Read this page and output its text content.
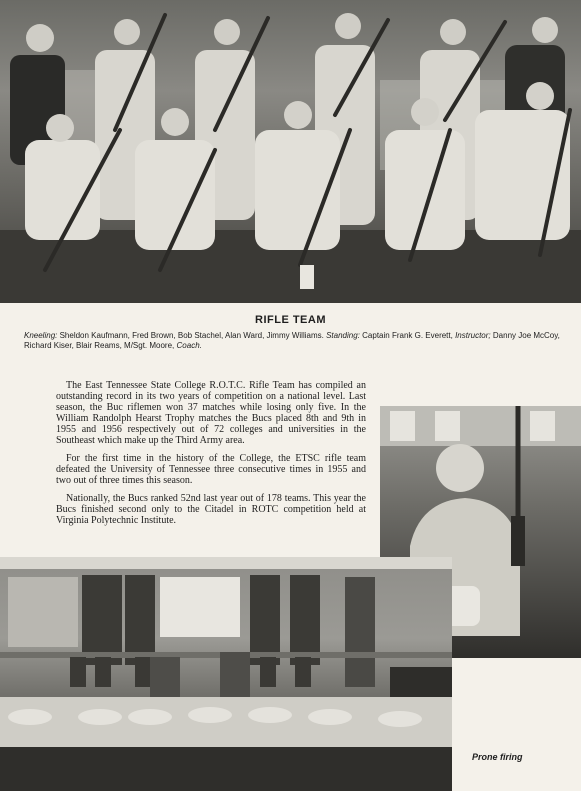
RIFLE TEAM
Kneeling: Sheldon Kaufmann, Fred Brown, Bob Stachel, Alan Ward, Jimmy Williams. Standing: Captain Frank G. Everett, Instructor; Danny Joe McCoy, Richard Kiser, Blair Reams, M/Sgt. Moore, Coach.

The East Tennessee State College R.O.T.C. Rifle Team has compiled an outstanding record in its two years of competition on a national level. Last season, the Buc riflemen won 37 matches while losing only five. In the William Randolph Hearst Trophy matches the Bucs placed 8th and 9th in 1955 and 1956 respectively out of 72 colleges and universities in the Southeast which make up the Third Army area.

For the first time in the history of the College, the ETSC rifle team defeated the University of Tennessee three consecutive times in 1955 and two out of three times this season.

Nationally, the Bucs ranked 52nd last year out of 178 teams. This year the Bucs finished second only to the Citadel in ROTC competition held at Virginia Polytechnic Institute.

Prone firing
